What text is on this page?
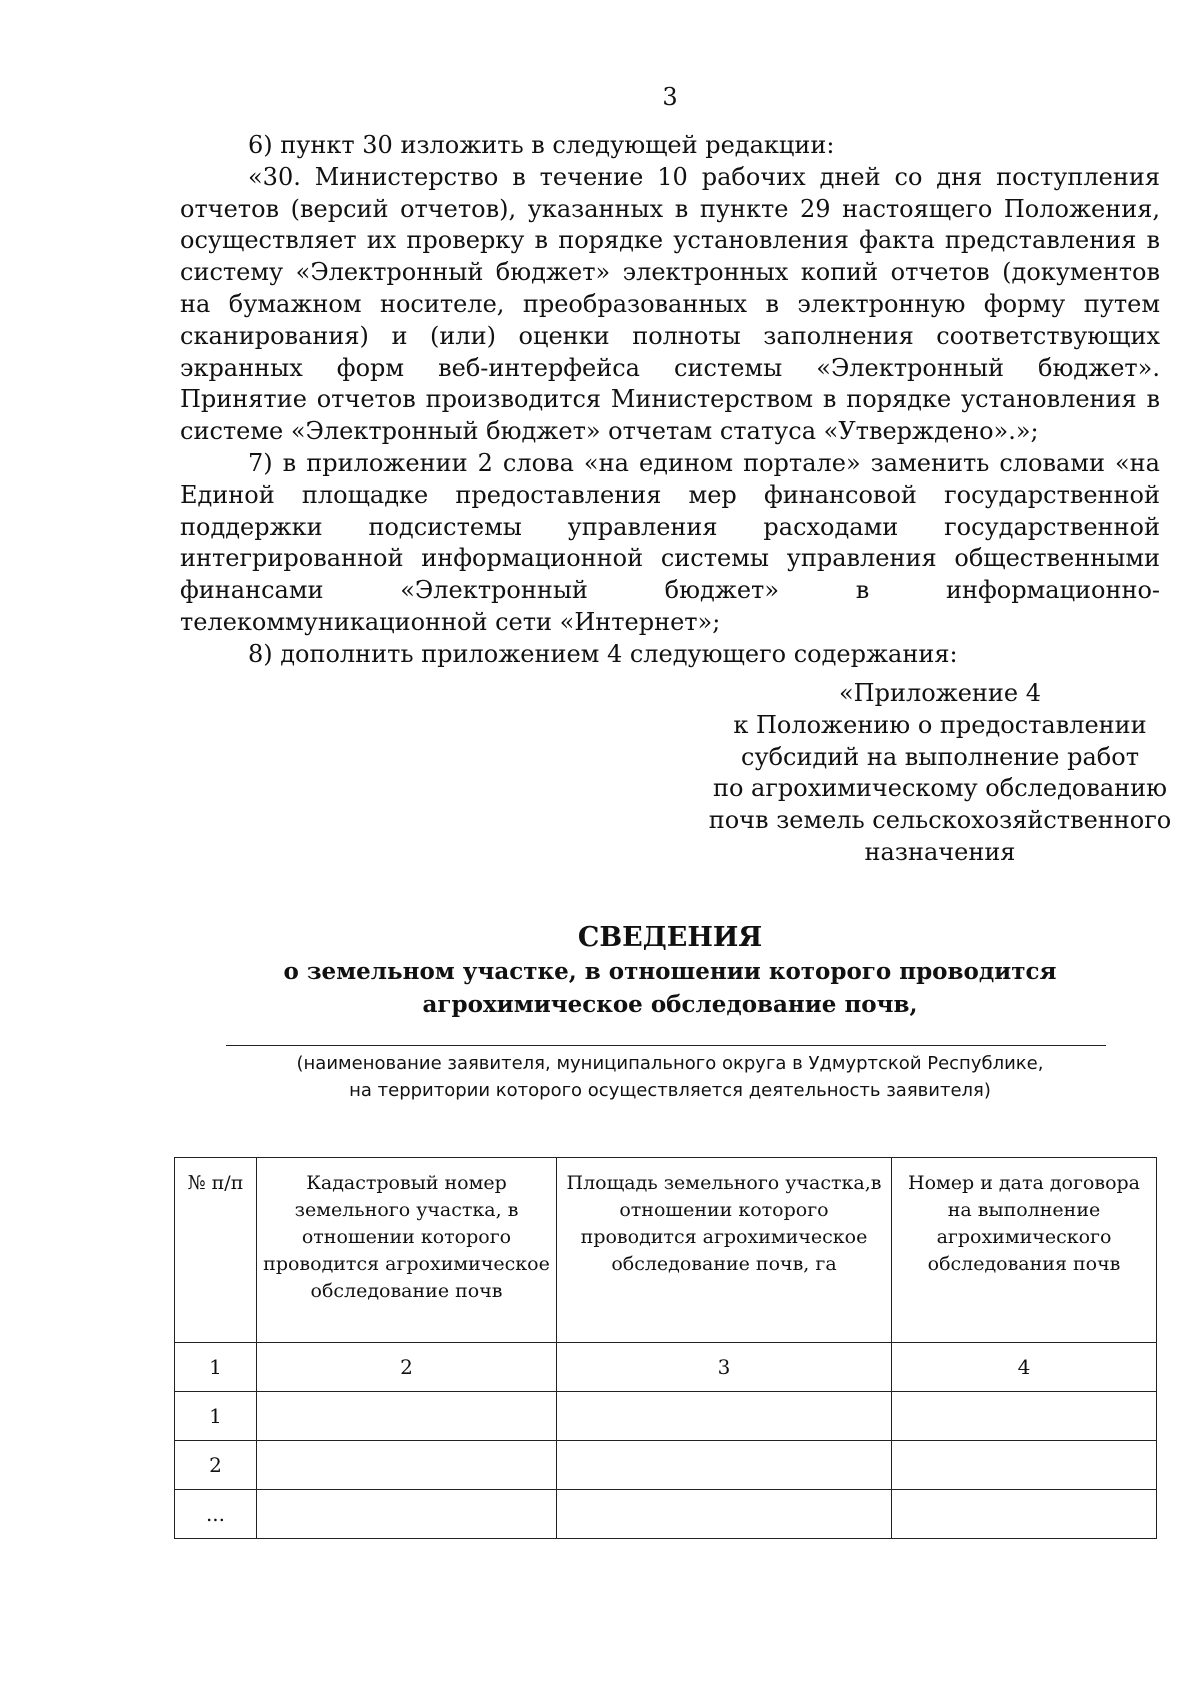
3

6) пункт 30 изложить в следующей редакции:

«30. Министерство в течение 10 рабочих дней со дня поступления отчетов (версий отчетов), указанных в пункте 29 настоящего Положения, осуществляет их проверку в порядке установления факта представления в систему «Электронный бюджет» электронных копий отчетов (документов на бумажном носителе, преобразованных в электронную форму путем сканирования) и (или) оценки полноты заполнения соответствующих экранных форм веб-интерфейса системы «Электронный бюджет». Принятие отчетов производится Министерством в порядке установления в системе «Электронный бюджет» отчетам статуса «Утверждено».»;

7) в приложении 2 слова «на едином портале» заменить словами «на Единой площадке предоставления мер финансовой государственной поддержки подсистемы управления расходами государственной интегрированной информационной системы управления общественными финансами «Электронный бюджет» в информационно-телекоммуникационной сети «Интернет»;

8) дополнить приложением 4 следующего содержания:

«Приложение 4
к Положению о предоставлении
субсидий на выполнение работ
по агрохимическому обследованию
почв земель сельскохозяйственного
назначения
СВЕДЕНИЯ
о земельном участке, в отношении которого проводится
агрохимическое обследование почв,
(наименование заявителя, муниципального округа в Удмуртской Республике,
на территории которого осуществляется деятельность заявителя)
№ п/п	Кадастровый номер земельного участка, в отношении которого проводится агрохимическое обследование почв	Площадь земельного участка,в отношении которого проводится агрохимическое обследование почв, га	Номер и дата договора на выполнение агрохимического обследования почв
1	2	3	4
1			
2			
...			
